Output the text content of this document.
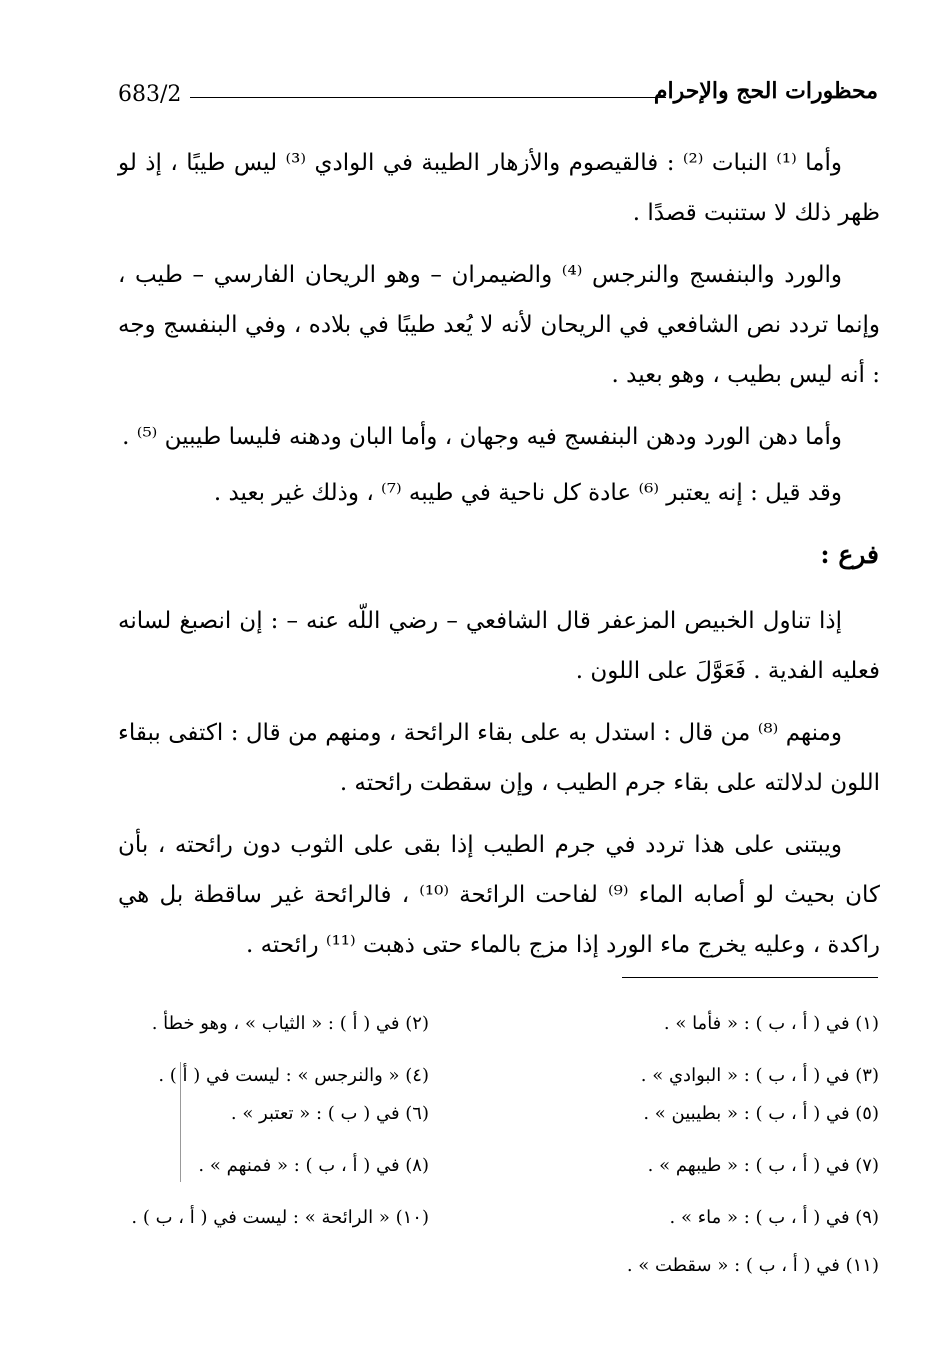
683/2	محظورات الحج والإحرام

وأما ⁽¹⁾ النبات ⁽²⁾ : فالقيصوم والأزهار الطيبة في الوادي ⁽³⁾ ليس طيبًا ، إذ لو ظهر ذلك لا ستنبت قصدًا .

والورد والبنفسج والنرجس ⁽⁴⁾ والضيمران – وهو الريحان الفارسي – طيب ، وإنما تردد نص الشافعي في الريحان لأنه لا يُعد طيبًا في بلاده ، وفي البنفسج وجه : أنه ليس بطيب ، وهو بعيد .

وأما دهن الورد ودهن البنفسج فيه وجهان ، وأما البان ودهنه فليسا طيبين ⁽⁵⁾ .

وقد قيل : إنه يعتبر ⁽⁶⁾ عادة كل ناحية في طيبه ⁽⁷⁾ ، وذلك غير بعيد .

فرع :

إذا تناول الخبيص المزعفر قال الشافعي – رضي اللّه عنه – : إن انصبغ لسانه فعليه الفدية . فَعَوَّلَ على اللون .

ومنهم ⁽⁸⁾ من قال : استدل به على بقاء الرائحة ، ومنهم من قال : اكتفى ببقاء اللون لدلالته على بقاء جرم الطيب ، وإن سقطت رائحته .

ويبتنى على هذا تردد في جرم الطيب إذا بقى على الثوب دون رائحته ، بأن كان بحيث لو أصابه الماء ⁽⁹⁾ لفاحت الرائحة ⁽¹⁰⁾ ، فالرائحة غير ساقطة بل هي راكدة ، وعليه يخرج ماء الورد إذا مزج بالماء حتى ذهبت ⁽¹¹⁾ رائحته .

(١) في ( أ ، ب ) : « فأما » .
(٢) في ( أ ) : « الثياب » ، وهو خطأ .
(٣) في ( أ ، ب ) : « البوادي » .
(٤) « والنرجس » : ليست في ( أ ) .
(٥) في ( أ ، ب ) : « بطيبين » .
(٦) في ( ب ) : « تعتبر » .
(٧) في ( أ ، ب ) : « طيبهم » .
(٨) في ( أ ، ب ) : « فمنهم » .
(٩) في ( أ ، ب ) : « ماء » .
(١٠) « الرائحة » : ليست في ( أ ، ب ) .
(١١) في ( أ ، ب ) : « سقطت » .
